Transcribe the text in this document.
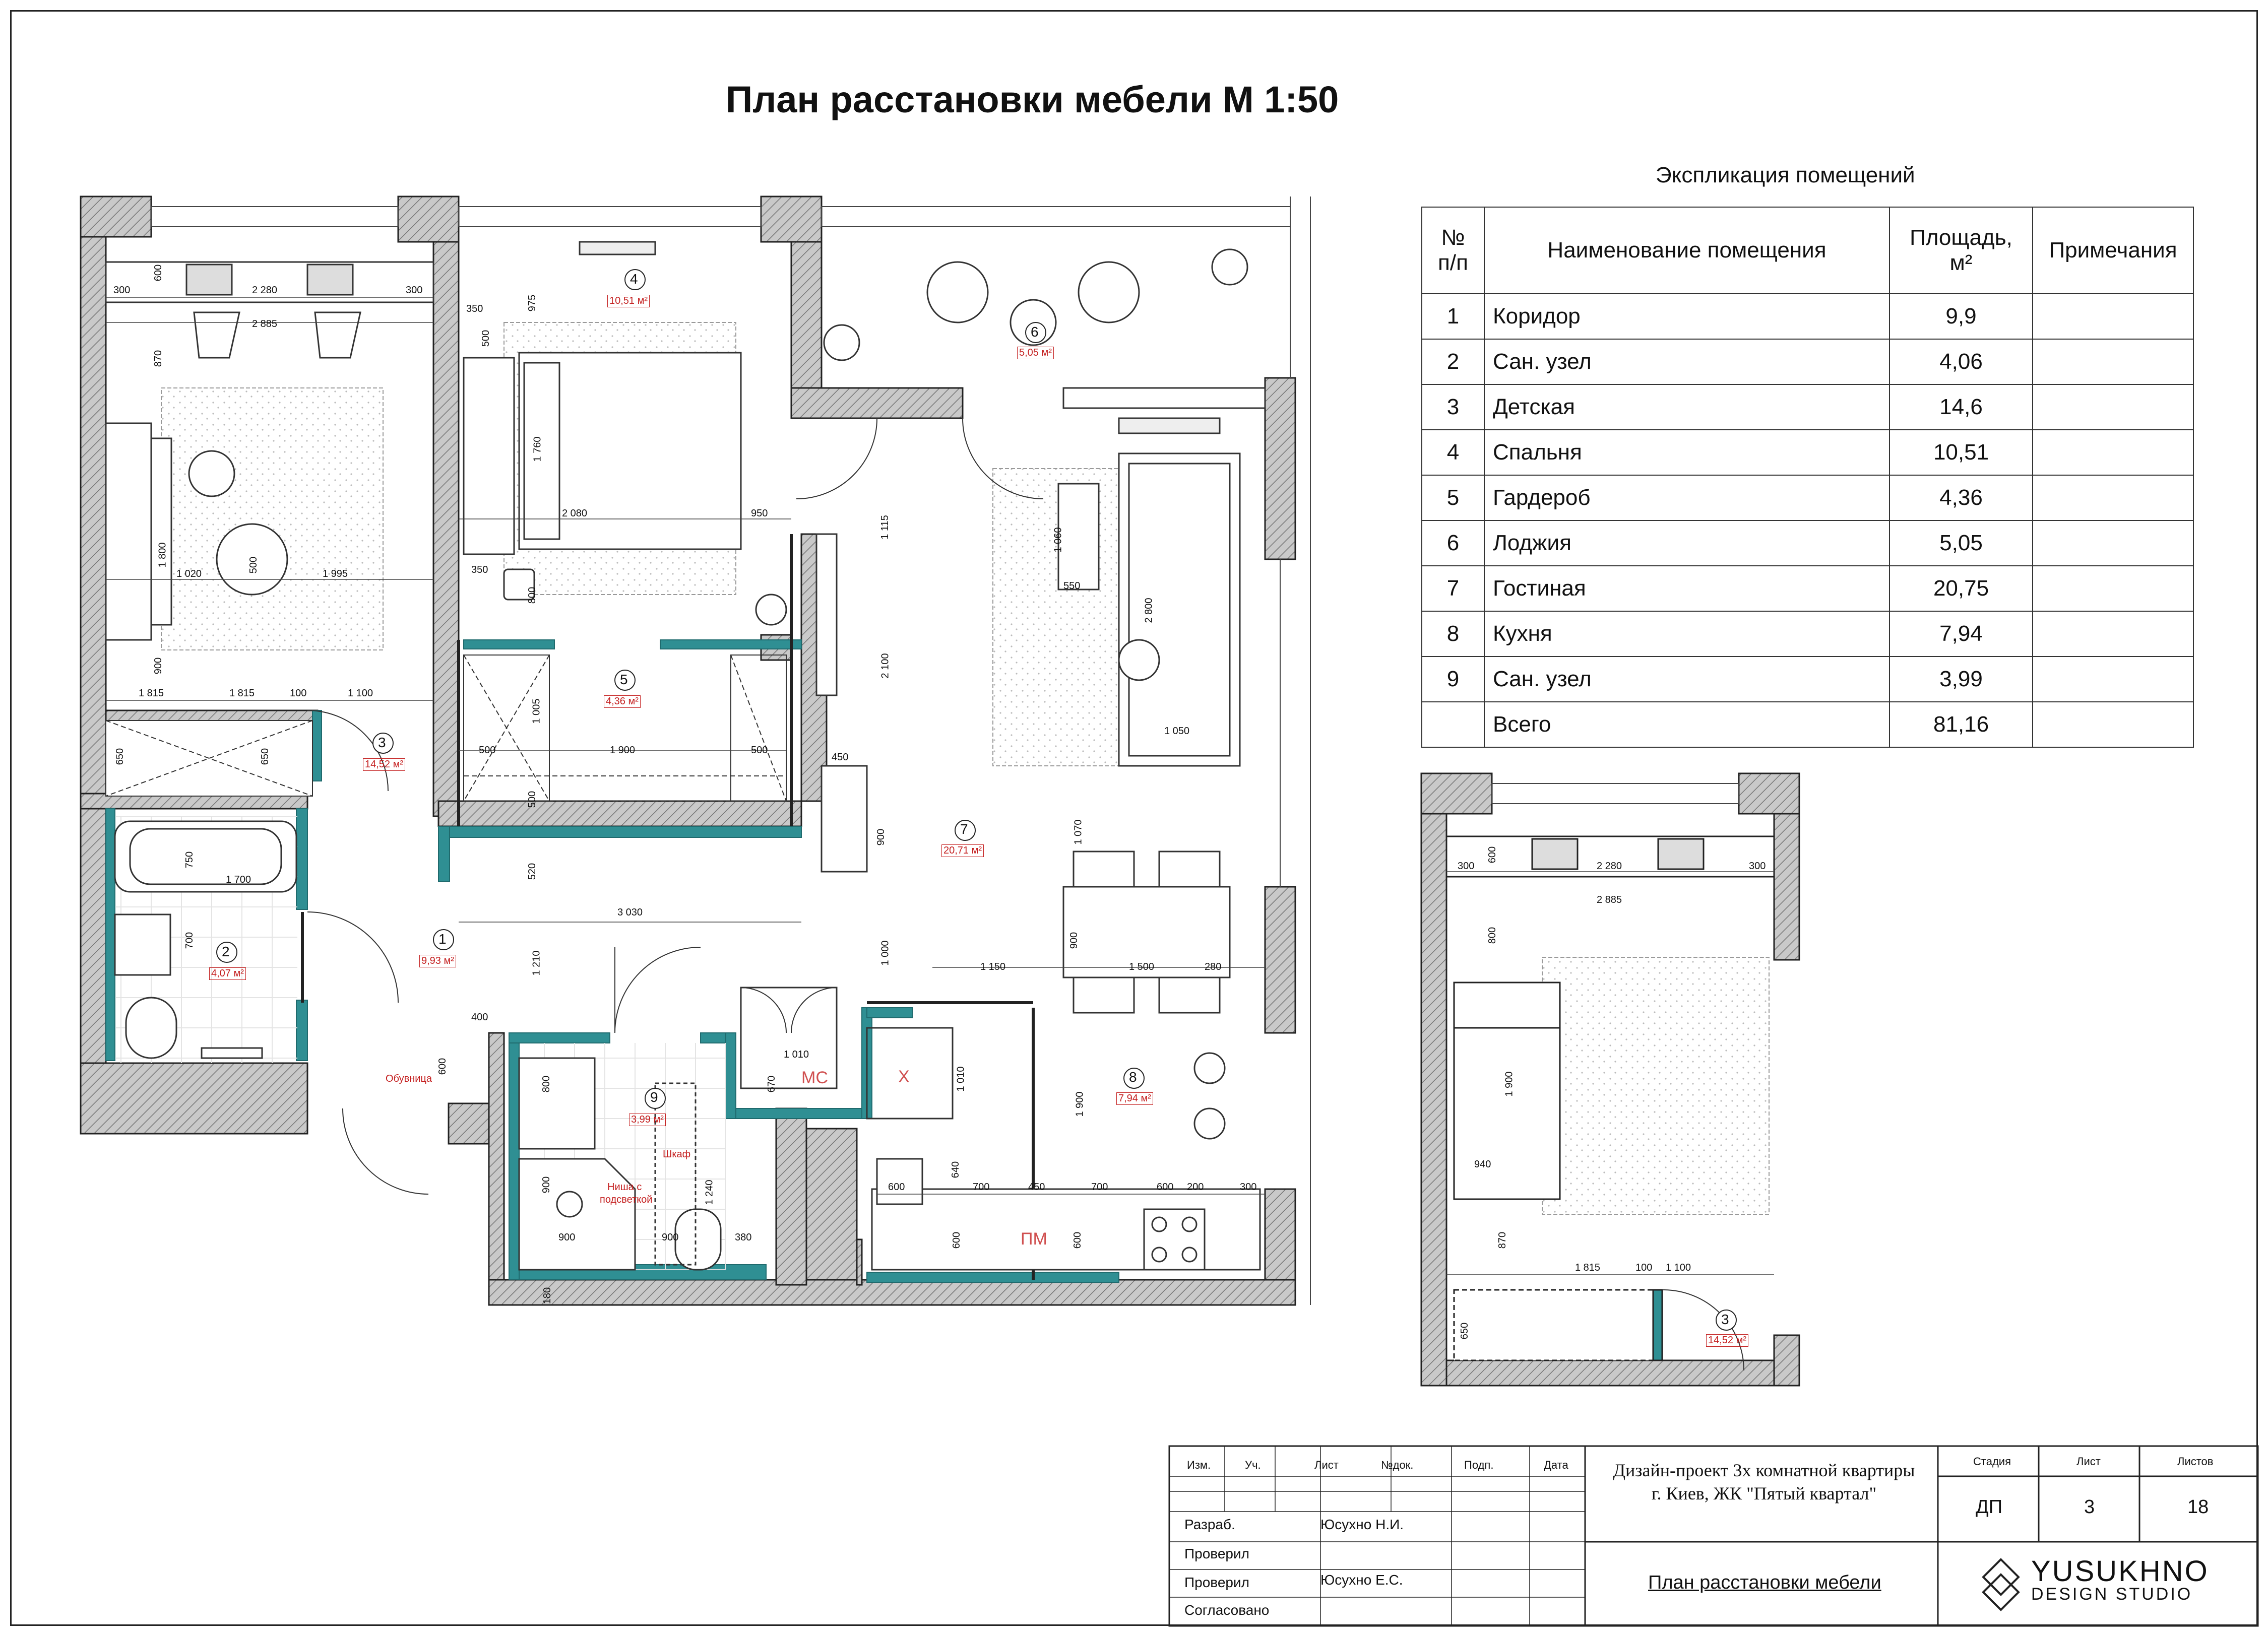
План расстановки мебели М 1:50
1
9,93 м²
2
4,07 м²
3
14,52 м²
4
10,51 м²
5
4,36 м²
6
5,05 м²
7
20,71 м²
8
7,94 м²
9
3,99 м²
3
14,52 м²
Обувница
Шкаф
Ниша с
подсветкой
МС	Х
ПМ
300	2 280	300
2 885
600
870
1 800
1 020	1 995
500
900
1 815	1 815	100	1 100
650	650
750
1 700
700
975
350
500
1 760
2 080	950
350
800
1 005
500	1 900	500
500
520
3 030
1 210
1 115
2 100
450
900
1 000
1 060
550
2 800
1 050
1 070
900
1 150	1 500	280
1 010
670	1 010
1 900
640
600	700	450	700	600 200	300
600	600
400
600
800
900
900	900
1 240
380
180
300	2 280	300
2 885
600
800
1 900
940
870
1 815	100 1 100
650
Экспликация помещений
№ п/п	Наименование помещения	Площадь, м²	Примечания
1	Коридор	9,9	
2	Сан. узел	4,06	
3	Детская	14,6	
4	Спальня	10,51	
5	Гардероб	4,36	
6	Лоджия	5,05	
7	Гостиная	20,75	
8	Кухня	7,94	
9	Сан. узел	3,99	
	Всего	81,16	
Изм.	Уч.	Лист	№док.	Подп.	Дата
Разраб.	Юсухно Н.И.
Проверил
Проверил	Юсухно Е.С.
Согласовано
Дизайн-проект 3х комнатной квартиры
г. Киев, ЖК "Пятый квартал"
Стадия	Лист	Листов
ДП	3	18
План расстановки мебели	YUSUKHNO
DESIGN STUDIO
